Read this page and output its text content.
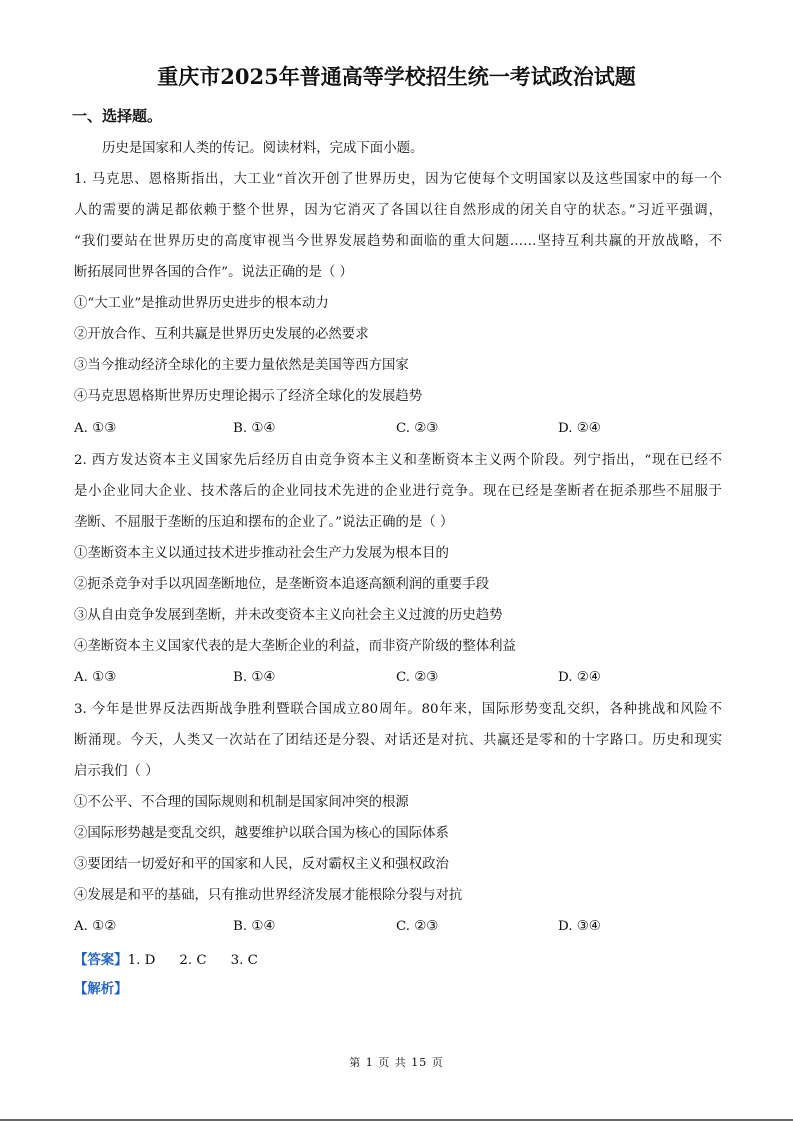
重庆市2025年普通高等学校招生统一考试政治试题
一、选择题。
历史是国家和人类的传记。阅读材料，完成下面小题。
1. 马克思、恩格斯指出，大工业“首次开创了世界历史，因为它使每个文明国家以及这些国家中的每一个
人的需要的满足都依赖于整个世界，因为它消灭了各国以往自然形成的闭关自守的状态。”习近平强调，
“我们要站在世界历史的高度审视当今世界发展趋势和面临的重大问题……坚持互利共赢的开放战略，不
断拓展同世界各国的合作”。说法正确的是（ ）
①“大工业”是推动世界历史进步的根本动力
②开放合作、互利共赢是世界历史发展的必然要求
③当今推动经济全球化的主要力量依然是美国等西方国家
④马克思恩格斯世界历史理论揭示了经济全球化的发展趋势
A. ①③	B. ①④	C. ②③	D. ②④
2. 西方发达资本主义国家先后经历自由竞争资本主义和垄断资本主义两个阶段。列宁指出，“现在已经不
是小企业同大企业、技术落后的企业同技术先进的企业进行竞争。现在已经是垄断者在扼杀那些不屈服于
垄断、不屈服于垄断的压迫和摆布的企业了。”说法正确的是（ ）
①垄断资本主义以通过技术进步推动社会生产力发展为根本目的
②扼杀竞争对手以巩固垄断地位，是垄断资本追逐高额利润的重要手段
③从自由竞争发展到垄断，并未改变资本主义向社会主义过渡的历史趋势
④垄断资本主义国家代表的是大垄断企业的利益，而非资产阶级的整体利益
A. ①③	B. ①④	C. ②③	D. ②④
3. 今年是世界反法西斯战争胜利暨联合国成立80周年。80年来，国际形势变乱交织，各种挑战和风险不
断涌现。今天，人类又一次站在了团结还是分裂、对话还是对抗、共赢还是零和的十字路口。历史和现实
启示我们（ ）
①不公平、不合理的国际规则和机制是国家间冲突的根源
②国际形势越是变乱交织，越要维护以联合国为核心的国际体系
③要团结一切爱好和平的国家和人民，反对霸权主义和强权政治
④发展是和平的基础，只有推动世界经济发展才能根除分裂与对抗
A. ①②	B. ①④	C. ②③	D. ③④
【答案】1. D 2. C 3. C
【解析】
第 1 页 共 15 页
